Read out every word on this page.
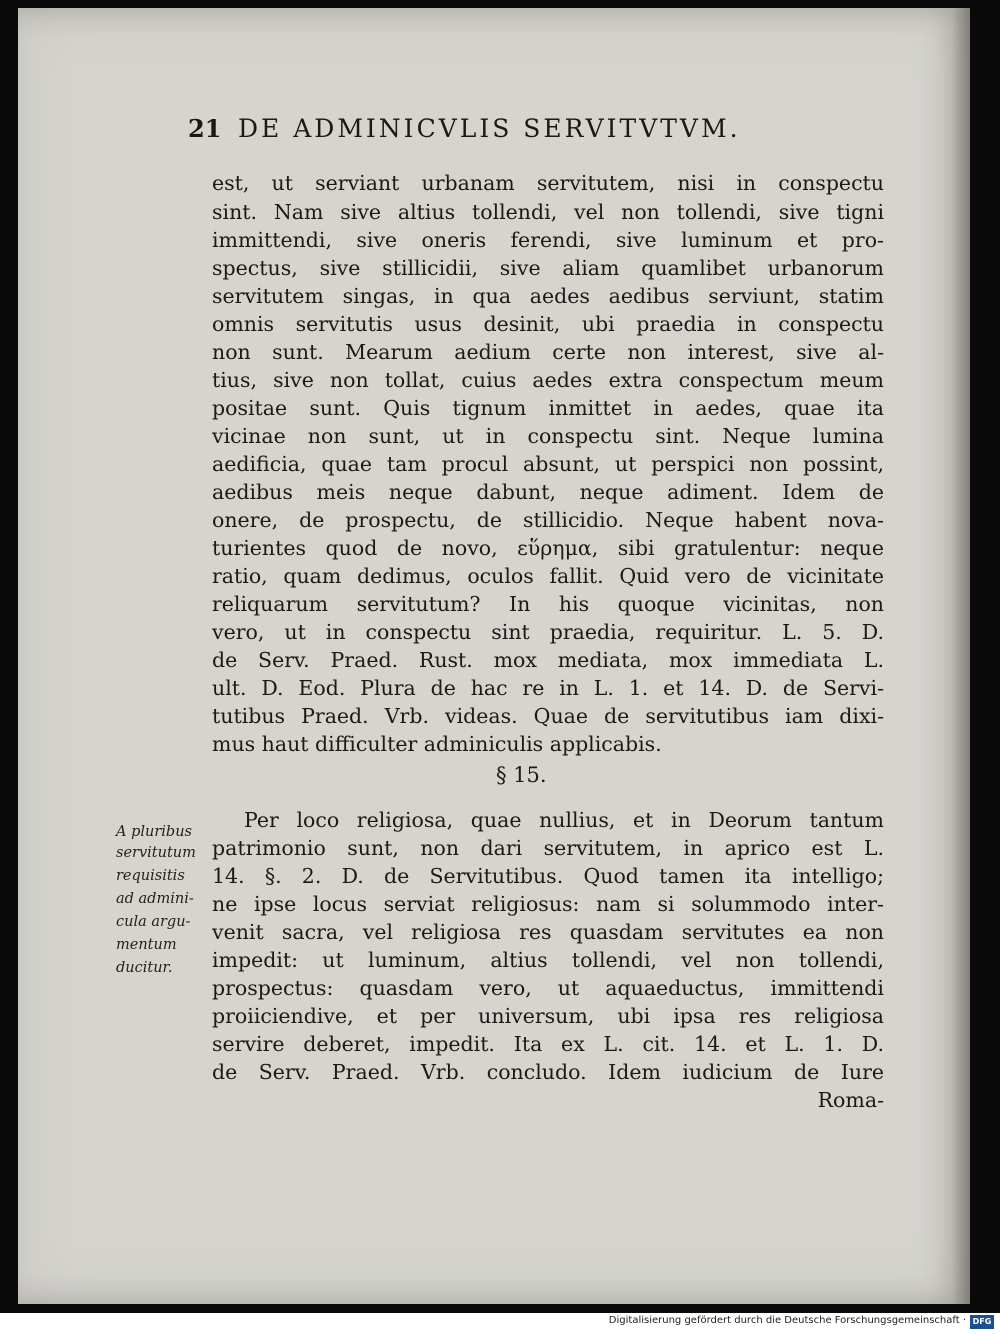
21 DE ADMINICVLIS SERVITVTVM.
est, ut serviant urbanam servitutem, nisi in conspectu
sint. Nam sive altius tollendi, vel non tollendi, sive tigni
immittendi, sive oneris ferendi, sive luminum et pro-
spectus, sive stillicidii, sive aliam quamlibet urbanorum
servitutem singas, in qua aedes aedibus serviunt, statim
omnis servitutis usus desinit, ubi praedia in conspectu
non sunt. Mearum aedium certe non interest, sive al-
tius, sive non tollat, cuius aedes extra conspectum meum
positae sunt. Quis tignum inmittet in aedes, quae ita
vicinae non sunt, ut in conspectu sint. Neque lumina
aedificia, quae tam procul absunt, ut perspici non possint,
aedibus meis neque dabunt, neque adiment. Idem de
onere, de prospectu, de stillicidio. Neque habent nova-
turientes quod de novo, εὕρημα, sibi gratulentur: neque
ratio, quam dedimus, oculos fallit. Quid vero de vicinitate
reliquarum servitutum? In his quoque vicinitas, non
vero, ut in conspectu sint praedia, requiritur. L. 5. D.
de Serv. Praed. Rust. mox mediata, mox immediata L.
ult. D. Eod. Plura de hac re in L. 1. et 14. D. de Servi-
tutibus Praed. Vrb. videas. Quae de servitutibus iam dixi-
mus haut difficulter adminiculis applicabis.
§ 15.
A pluribus
servitutum
requisitis
ad admini-
cula argu-
mentum
ducitur.
Per loco religiosa, quae nullius, et in Deorum tantum
patrimonio sunt, non dari servitutem, in aprico est L.
14. §. 2. D. de Servitutibus. Quod tamen ita intelligo;
ne ipse locus serviat religiosus: nam si solummodo inter-
venit sacra, vel religiosa res quasdam servitutes ea non
impedit: ut luminum, altius tollendi, vel non tollendi,
prospectus: quasdam vero, ut aquaeductus, immittendi
proiiciendive, et per universum, ubi ipsa res religiosa
servire deberet, impedit. Ita ex L. cit. 14. et L. 1. D.
de Serv. Praed. Vrb. concludo. Idem iudicium de Iure
Roma-
Digitalisierung gefördert durch die Deutsche Forschungsgemeinschaft · DFG
